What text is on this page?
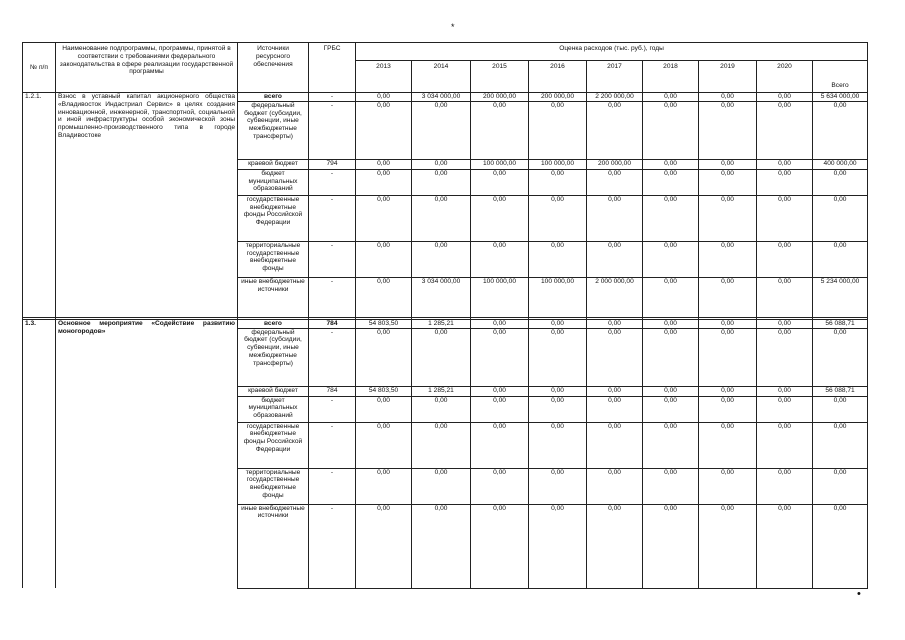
*
№ п/п	Наименование подпрограммы, программы, принятой в соответствии с требованиями федерального законодательства в сфере реализации государственной программы	Источники ресурсного обеспечения	ГРБС	Оценка расходов (тыс. руб.), годы								
				2013	2014	2015	2016	2017	2018	2019	2020	Всего
1.2.1.	Взнос в уставный капитал акционерного общества «Владивосток Индастриал Сервис» в целях создания инновационной, инженерной, транспортной, социальной и иной инфраструктуры особой экономической зоны промышленно-производственного типа в городе Владивостоке	всего	-	0,00	3 034 000,00	200 000,00	200 000,00	2 200 000,00	0,00	0,00	0,00	5 634 000,00
		федеральный бюджет (субсидии, субвенции, иные межбюджетные трансферты)	-	0,00	0,00	0,00	0,00	0,00	0,00	0,00	0,00	0,00
		краевой бюджет	794	0,00	0,00	100 000,00	100 000,00	200 000,00	0,00	0,00	0,00	400 000,00
		бюджет муниципальных образований	-	0,00	0,00	0,00	0,00	0,00	0,00	0,00	0,00	0,00
		государственные внебюджетные фонды Российской Федерации	-	0,00	0,00	0,00	0,00	0,00	0,00	0,00	0,00	0,00
		территориальные государственные внебюджетные фонды	-	0,00	0,00	0,00	0,00	0,00	0,00	0,00	0,00	0,00
		иные внебюджетные источники	-	0,00	3 034 000,00	100 000,00	100 000,00	2 000 000,00	0,00	0,00	0,00	5 234 000,00

1.3.	Основное мероприятие «Содействие развитию моногородов»	всего	784	54 803,50	1 285,21	0,00	0,00	0,00	0,00	0,00	0,00	56 088,71
		федеральный бюджет (субсидии, субвенции, иные межбюджетные трансферты)	-	0,00	0,00	0,00	0,00	0,00	0,00	0,00	0,00	0,00
		краевой бюджет	784	54 803,50	1 285,21	0,00	0,00	0,00	0,00	0,00	0,00	56 088,71
		бюджет муниципальных образований	-	0,00	0,00	0,00	0,00	0,00	0,00	0,00	0,00	0,00
		государственные внебюджетные фонды Российской Федерации	-	0,00	0,00	0,00	0,00	0,00	0,00	0,00	0,00	0,00
		территориальные государственные внебюджетные фонды	-	0,00	0,00	0,00	0,00	0,00	0,00	0,00	0,00	0,00
		иные внебюджетные источники	-	0,00	0,00	0,00	0,00	0,00	0,00	0,00	0,00	0,00
•
